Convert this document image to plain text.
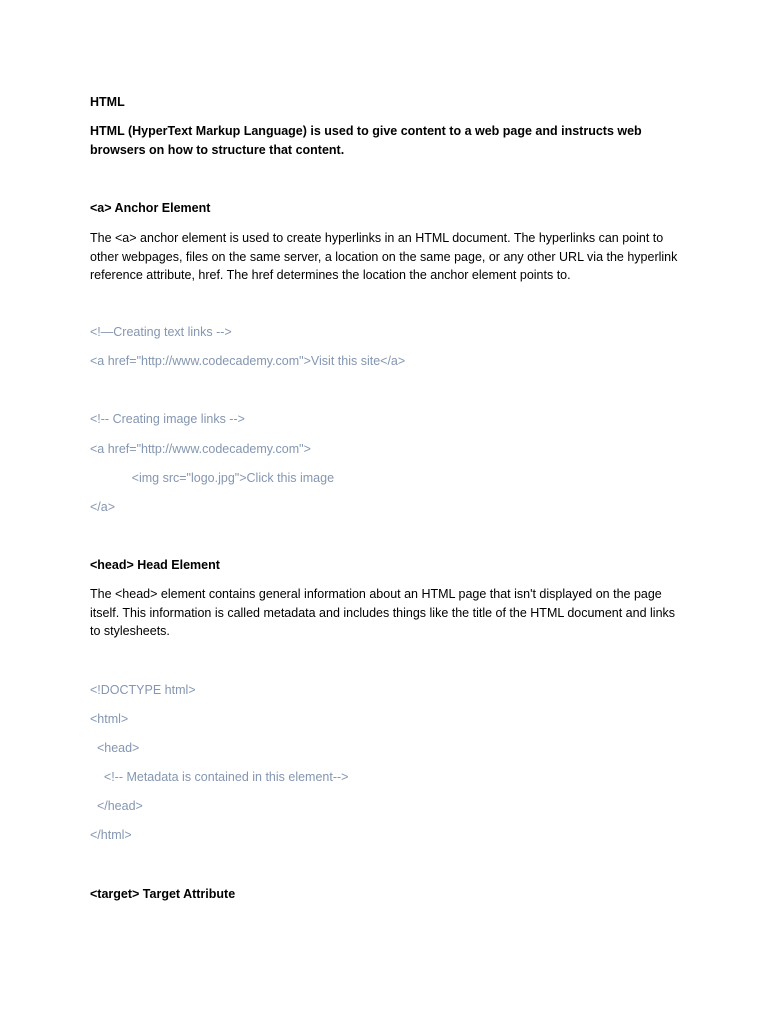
HTML

HTML (HyperText Markup Language) is used to give content to a web page and instructs web browsers on how to structure that content.

<a> Anchor Element

The <a> anchor element is used to create hyperlinks in an HTML document. The hyperlinks can point to other webpages, files on the same server, a location on the same page, or any other URL via the hyperlink reference attribute, href. The href determines the location the anchor element points to.

<!—Creating text links -->

<a href="http://www.codecademy.com">Visit this site</a>

<!-- Creating image links -->

<a href="http://www.codecademy.com">

<img src="logo.jpg">Click this image

</a>

<head> Head Element

The <head> element contains general information about an HTML page that isn't displayed on the page itself. This information is called metadata and includes things like the title of the HTML document and links to stylesheets.

<!DOCTYPE html>

<html>

<head>

<!-- Metadata is contained in this element-->

</head>

</html>

<target> Target Attribute
